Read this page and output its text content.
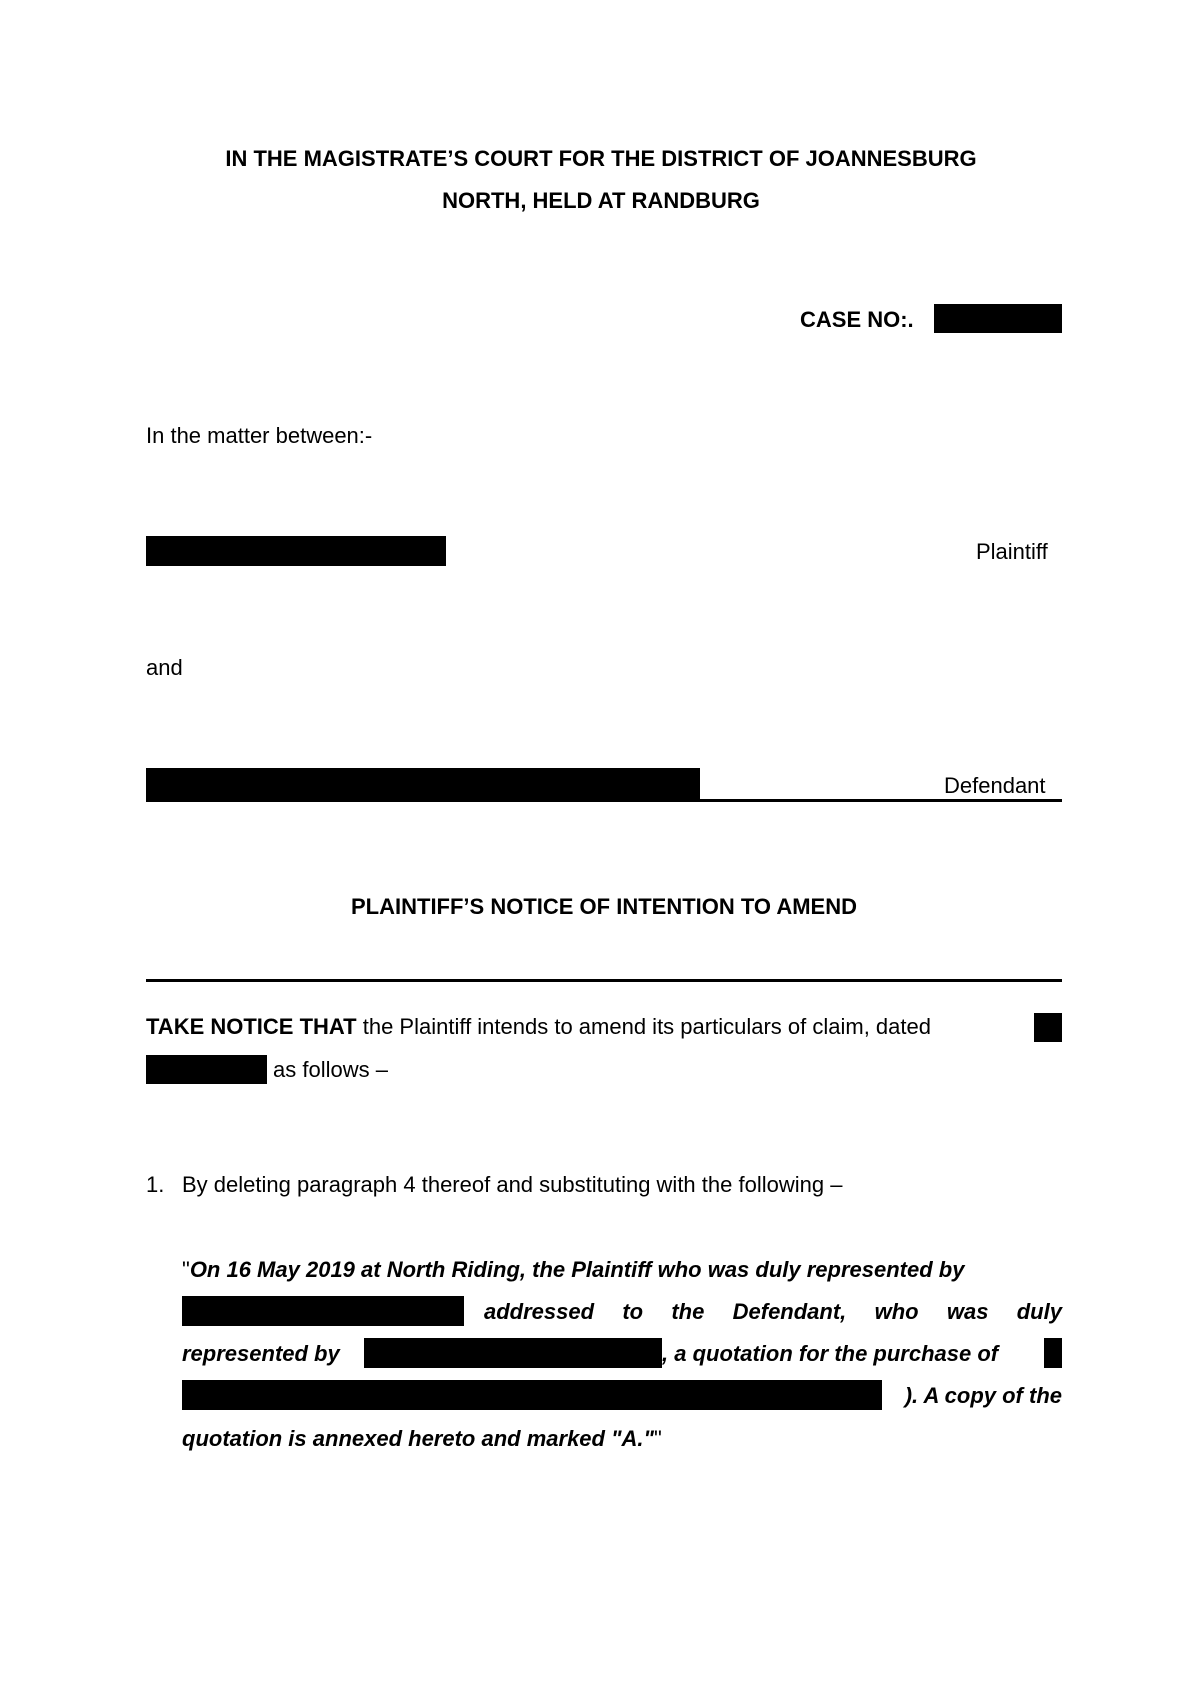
IN THE MAGISTRATE’S COURT FOR THE DISTRICT OF JOANNESBURG
NORTH, HELD AT RANDBURG
CASE NO:.
In the matter between:-
Plaintiff
and
Defendant
PLAINTIFF’S NOTICE OF INTENTION TO AMEND
TAKE NOTICE THAT the Plaintiff intends to amend its particulars of claim, dated
as follows –
1. By deleting paragraph 4 thereof and substituting with the following –
"On 16 May 2019 at North Riding, the Plaintiff who was duly represented by
addressed to the Defendant, who was duly
represented by	, a quotation for the purchase of
). A copy of the
quotation is annexed hereto and marked "A.""
